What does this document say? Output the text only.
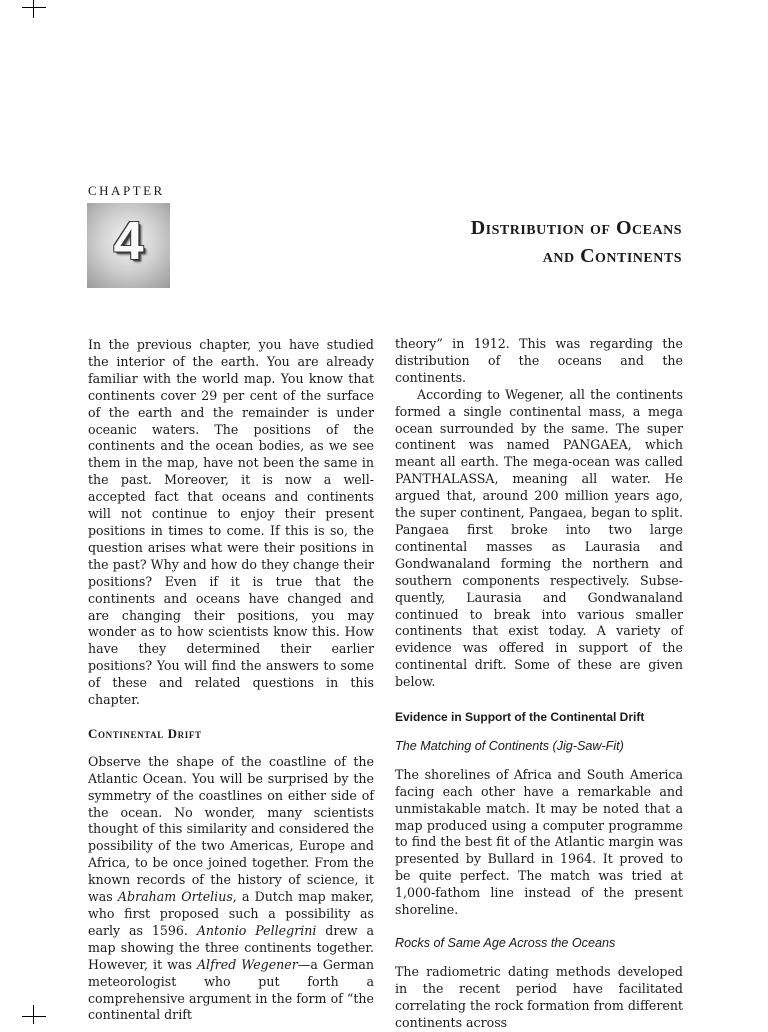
CHAPTER
4	Distribution of Oceans
and Continents

In the previous chapter, you have studied the interior of the earth. You are already familiar with the world map. You know that continents cover 29 per cent of the surface of the earth and the remainder is under oceanic waters. The positions of the continents and the ocean bodies, as we see them in the map, have not been the same in the past. Moreover, it is now a well-accepted fact that oceans and continents will not continue to enjoy their present positions in times to come. If this is so, the question arises what were their positions in the past? Why and how do they change their positions? Even if it is true that the continents and oceans have changed and are changing their positions, you may wonder as to how scientists know this. How have they determined their earlier positions? You will find the answers to some of these and related questions in this chapter.

Continental Drift

Observe the shape of the coastline of the Atlantic Ocean. You will be surprised by the symmetry of the coastlines on either side of the ocean. No wonder, many scientists thought of this similarity and considered the possibility of the two Americas, Europe and Africa, to be once joined together. From the known records of the history of science, it was Abraham Ortelius, a Dutch map maker, who first proposed such a possibility as early as 1596. Antonio Pellegrini drew a map showing the three continents together. However, it was Alfred Wegener—a German meteorologist who put forth a comprehensive argument in the form of “the continental drift

theory” in 1912. This was regarding the distribution of the oceans and the continents.

According to Wegener, all the continents formed a single continental mass, a mega ocean surrounded by the same. The super continent was named PANGAEA, which meant all earth. The mega-ocean was called PANTHALASSA, meaning all water. He argued that, around 200 million years ago, the super continent, Pangaea, began to split. Pangaea first broke into two large continental masses as Laurasia and Gondwanaland forming the northern and southern components respectively. Subse-quently, Laurasia and Gondwanaland continued to break into various smaller continents that exist today. A variety of evidence was offered in support of the continental drift. Some of these are given below.

Evidence in Support of the Continental Drift

The Matching of Continents (Jig-Saw-Fit)

The shorelines of Africa and South America facing each other have a remarkable and unmistakable match. It may be noted that a map produced using a computer programme to find the best fit of the Atlantic margin was presented by Bullard in 1964. It proved to be quite perfect. The match was tried at 1,000-fathom line instead of the present shoreline.

Rocks of Same Age Across the Oceans

The radiometric dating methods developed in the recent period have facilitated correlating the rock formation from different continents across
